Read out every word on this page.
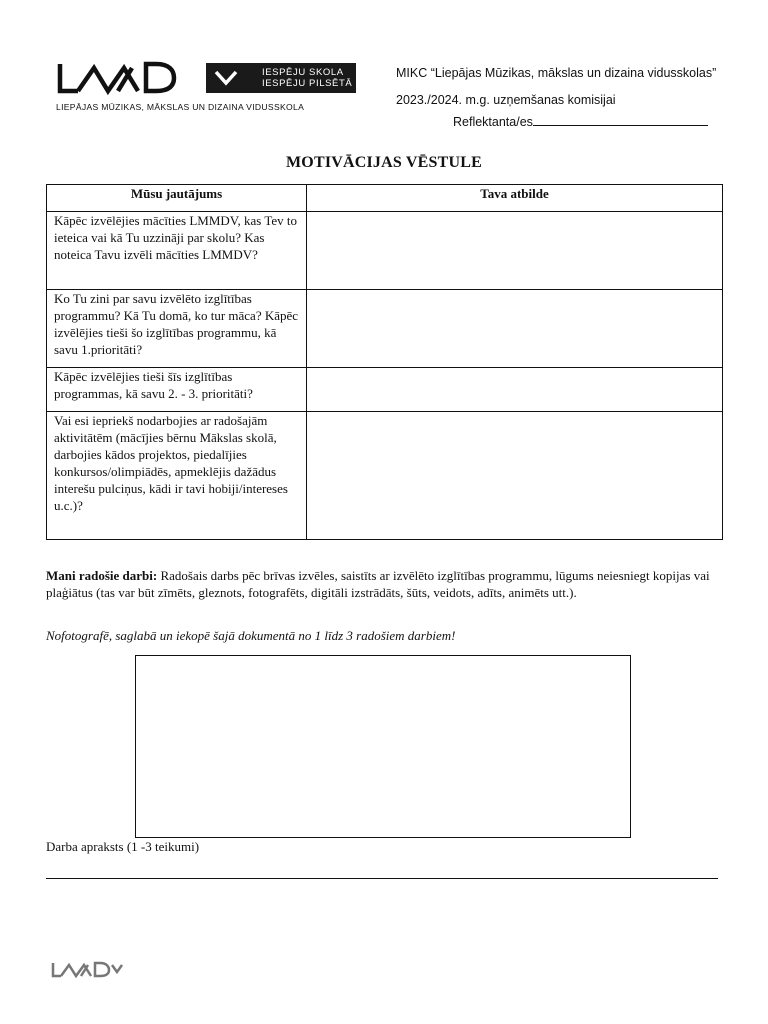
IESPĒJU SKOLA
IESPĒJU PILSĒTĀ
LIEPĀJAS MŪZIKAS, MĀKSLAS UN DIZAINA VIDUSSKOLA
MIKC “Liepājas Mūzikas, mākslas un dizaina vidusskolas”
2023./2024. m.g. uzņemšanas komisijai
Reflektanta/es
MOTIVĀCIJAS VĒSTULE
Mūsu jautājums	Tava atbilde
Kāpēc izvēlējies mācīties LMMDV, kas Tev to ieteica vai kā Tu uzzināji par skolu? Kas noteica Tavu izvēli mācīties LMMDV?	
Ko Tu zini par savu izvēlēto izglītības programmu? Kā Tu domā, ko tur māca? Kāpēc izvēlējies tieši šo izglītības programmu, kā savu 1.prioritāti?	
Kāpēc izvēlējies tieši šīs izglītības programmas, kā savu 2. - 3. prioritāti?	
Vai esi iepriekš nodarbojies ar radošajām aktivitātēm (mācījies bērnu Mākslas skolā, darbojies kādos projektos, piedalījies konkursos/olimpiādēs, apmeklējis dažādus interešu pulciņus, kādi ir tavi hobiji/intereses u.c.)?	
Mani radošie darbi: Radošais darbs pēc brīvas izvēles, saistīts ar izvēlēto izglītības programmu, lūgums neiesniegt kopijas vai plaģiātus (tas var būt zīmēts, gleznots, fotografēts, digitāli izstrādāts, šūts, veidots, adīts, animēts utt.).
Nofotografē, saglabā un iekopē šajā dokumentā no 1 līdz 3 radošiem darbiem!
Darba apraksts (1 -3 teikumi)
